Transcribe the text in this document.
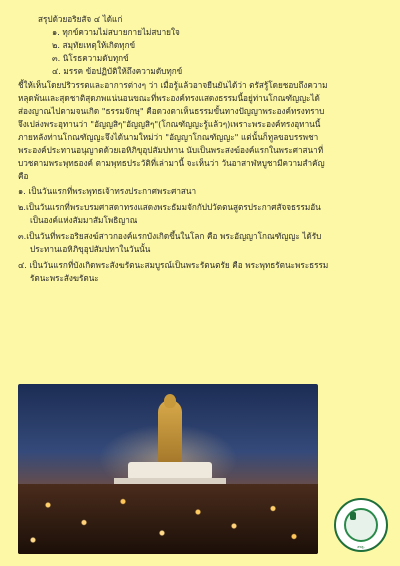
สรุปด้วยอริยสัจ ๔ ได้แก่
๑. ทุกข์ความไม่สบายกายไม่สบายใจ
๒. สมุทัยเหตุให้เกิดทุกข์
๓. นิโรธความดับทุกข์
๔. มรรค ข้อปฏิบัติให้ถึงความดับทุกข์
ชี้ให้เห็นโดยปริวรรตและอาการต่างๆ ว่า เมื่อรู้แล้วอาจยืนยันได้ว่า ตรัสรู้โดยชอบถึงความ
หลุดพ้นและสุดชาติสุดภพแน่นอนขณะที่พระองค์ทรงแสดงธรรมนี้อยู่ท่านโกณฑัญญะได้
ส่องญาณไปตามจนเกิด "ธรรมจักษุ" คือดวงตาเห็นธรรมขั้นทางปัญญาพระองค์ทรงทราบ
จึงเปล่งพระอุทานว่า "อัญญสิๆ"อัญญสิๆ"(โกณฑัญญะรู้แล้วๆ)เพราะพระองค์ทรงอุทานนี้
ภายหลังท่านโกณฑัญญะจึงได้นามใหม่ว่า "อัญญาโกณฑัญญะ" แต่นั้นก็ทูลขอบรรพชา
พระองค์ประทานอนุญาตด้วยเอหิภิขุอุปสัมปทาน นับเป็นพระสงฆ์องค์แรกในพระศาสนาที่
บวชตามพระพุทธองค์ ตามพุทธประวัติที่เล่ามานี้ จะเห็นว่า วันอาสาฬหบูชามีความสำคัญ
คือ
๑. เป็นวันแรกที่พระพุทธเจ้าทรงประกาศพระศาสนา
๒.เป็นวันแรกที่พระบรมศาสดาทรงแสดงพระธัมมจักกัปปวัตตนสูตรประกาศสัจจธรรมอัน
เป็นองค์แห่งสัมมาสัมโพธิญาณ
๓.เป็นวันที่พระอริยสงฆ์สาวกองค์แรกบังเกิดขึ้นในโลก คือ พระอัญญาโกณฑัญญะ ได้รับ
ประทานเอหิภิขุอุปสัมปทาในวันนั้น
๔. เป็นวันแรกที่บังเกิดพระสังฆรัตนะสมบูรณ์เป็นพระรัตนตรัย คือ พระพุทธรัตนะพระธรรม
รัตนะพระสังฆรัตนะ
สพฐ.
